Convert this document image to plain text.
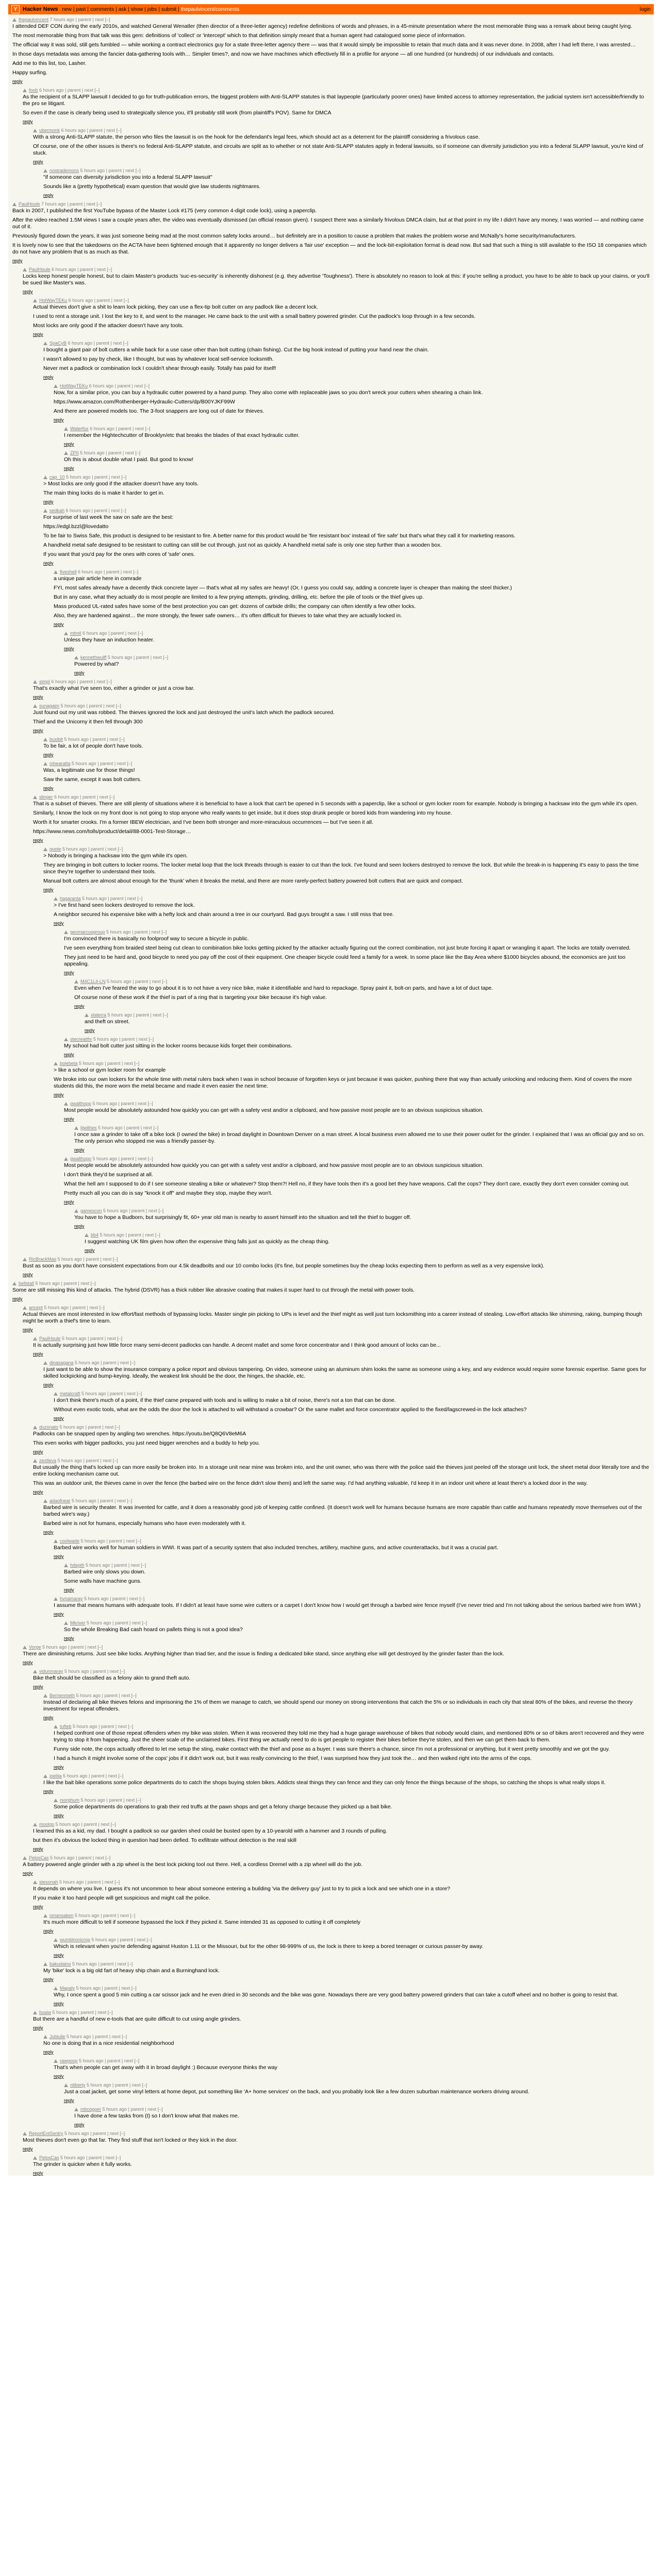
Y Hacker News new | past | comments | ask | show | jobs | submit | thepaulvincent/comments	login
thepaulvincent 7 hours ago | parent | next [–]

I attended DEF CON during the early 2010s, and watched General Wenatler (then director of a three-letter agency) redefine definitions of words and phrases, in a 45-minute presentation where the most memorable thing was a remark about being caught lying.

The most memorable thing from that talk was this gem: definitions of 'collect' or 'intercept' which to that definition simply meant that a human agent had catalogued some piece of information.

The official way it was sold, still gets fumbled — while working a contract electronics guy for a state three-letter agency there — was that it would simply be impossible to retain that much data and it was never done. In 2008, after I had left there, I was arrested…

In those days metadata was among the fancier data-gathering tools with… Simpler times?, and now we have machines which effectively fill in a profile for anyone — all one hundred (or hundreds) of our individuals and contacts.

Add me to this list, too, Lasher.

Happy surfing.

reply
foob 6 hours ago | parent | next [–]

As the recipient of a SLAPP lawsuit I decided to go for truth-publication errors, the biggest problem with Anti-SLAPP statutes is that laypeople (particularly poorer ones) have limited access to attorney representation, the judicial system isn't accessible/friendly to the pro se litigant.

So even if the case is clearly being used to strategically silence you, it'll probably still work (from plaintiff's POV). Same for DMCA

reply
ubermonk 6 hours ago | parent | next [–]

With a strong Anti-SLAPP statute, the person who files the lawsuit is on the hook for the defendant's legal fees, which should act as a deterrent for the plaintiff considering a frivolous case.

Of course, one of the other issues is there's no federal Anti-SLAPP statute, and circuits are split as to whether or not state Anti-SLAPP statutes apply in federal lawsuits, so if someone can diversity jurisdiction you into a federal SLAPP lawsuit, you're kind of stuck.

reply
nostrademons 5 hours ago | parent | next [–]

"if someone can diversity jurisdiction you into a federal SLAPP lawsuit"

Sounds like a (pretty hypothetical) exam question that would give law students nightmares.

reply
PaulHoule 7 hours ago | parent | next [–]

Back in 2007, I published the first YouTube bypass of the Master Lock #175 (very common 4-digit code lock), using a paperclip.

After the video reached 1.5M views I saw a couple years after, the video was eventually dismissed (an official reason given). I suspect there was a similarly frivolous DMCA claim, but at that point in my life I didn't have any money, I was worried — and nothing came out of it.

Previously figured down the years, it was just someone being mad at the most common safety locks around… but definitely are in a position to cause a problem that makes the problem worse and McNally's home security/manufacturers.

It is lovely now to see that the takedowns on the ACTA have been tightened enough that it apparently no longer delivers a 'fair use' exception — and the lock-bit-exploitation format is dead now. But sad that such a thing is still available to the ISO 18 companies which do not have any problem that is as much as that.

reply
PaulHoule 6 hours ago | parent | next [–]

Locks keep honest people honest, but to claim Master's products 'suc-es-security' is inherently dishonest (e.g. they advertise 'Toughness'). There is absolutely no reason to look at this: if you're selling a product, you have to be able to back up your claims, or you'll be sued like Master's was.

reply
HotWayTEKu 6 hours ago | parent | next [–]

Actual thieves don't give a shit to learn lock picking, they can use a flex-tip bolt cutter on any padlock like a decent lock.

I used to rent a storage unit. I lost the key to it, and went to the manager. He came back to the unit with a small battery powered grinder. Cut the padlock's loop through in a few seconds.

Most locks are only good if the attacker doesn't have any tools.

reply
SpaCyB 6 hours ago | parent | next [–]

I bought a giant pair of bolt cutters a while back for a use case other than bolt cutting (chain fishing). Cut the big hook instead of putting your hand near the chain.

I wasn't allowed to pay by check, like I thought, but was by whatever local self-service locksmith.

Never met a padlock or combination lock I couldn't shear through easily. Totally has paid for itself!

reply
HotWayTEKu 6 hours ago | parent | next [–]

Now, for a similar price, you can buy a hydraulic cutter powered by a hand pump. They also come with replaceable jaws so you don't wreck your cutters when shearing a chain link.

https://www.amazon.com/Rothenberger-Hydraulic-Cutters/dp/B00YJKF99W

And there are powered models too. The 3-foot snappers are long out of date for thieves.

reply
Waterfox 6 hours ago | parent | next [–]

I remember the Hightechcutter of Brooklyn/etc that breaks the blades of that exact hydraulic cutter.

reply
ZPII 5 hours ago | parent | next [–]

Oh this is about double what I paid. But good to know!

reply
cap_10 5 hours ago | parent | next [–]

> Most locks are only good if the attacker doesn't have any tools.

The main thing locks do is make it harder to get in.

reply
sedkah 6 hours ago | parent | next [–]

For surprise of last week the saw on safe are the best:

https://edgl.bzzl@lovedatto

To be fair to Swiss Safe, this product is designed to be resistant to fire. A better name for this product would be 'fire resistant box' instead of 'fire safe' but that's what they call it for marketing reasons.

A handheld metal safe designed to be resistant to cutting can still be cut through, just not as quickly. A handheld metal safe is only one step further than a wooden box.

If you want that you'd pay for the ones with cores of 'safe' ones.

reply
fiveshell 6 hours ago | parent | next [–]

a unique pair article here in comrade

FYI, most safes already have a decently thick concrete layer — that's what all my safes are heavy! (Or, I guess you could say, adding a concrete layer is cheaper than making the steel thicker.)

But in any case, what they actually do is most people are limited to a few prying attempts, grinding, drilling, etc. before the pile of tools or the thief gives up.

Mass produced UL-rated safes have some of the best protection you can get: dozens of carbide drills; the company can often identify a few other locks.

Also, they are hardened against… the more strongly, the fewer safe owners… it's often difficult for thieves to take what they are actually locked in.

reply
mtmil 6 hours ago | parent | next [–]

Unless they have an induction heater.

reply
kennethwulff 5 hours ago | parent | next [–]

Powered by what?

reply
simpl 6 hours ago | parent | next [–]

That's exactly what I've seen too, either a grinder or just a crow bar.

reply
sunagaim 5 hours ago | parent | next [–]

Just found out my unit was robbed. The thieves ignored the lock and just destroyed the unit's latch which the padlock secured.

Thief and the Unicorny it then fell through 300

reply
buxibit 5 hours ago | parent | next [–]

To be fair, a lot of people don't have tools.

reply
mhearatta 5 hours ago | parent | next [–]

Was, a legitimate use for those things!

Saw the same, except it was bolt cutters.

reply
slinger 6 hours ago | parent | next [–]

That is a subset of thieves. There are still plenty of situations where it is beneficial to have a lock that can't be opened in 5 seconds with a paperclip, like a school or gym locker room for example. Nobody is bringing a hacksaw into the gym while it's open.

Similarly, I know the lock on my front door is not going to stop anyone who really wants to get inside, but it does stop drunk people or bored kids from wandering into my house.

Worth it for smarter crooks. I'm a former IBEW electrician, and I've been both stronger and more-miraculous occurrences — but I've seen it all.

https://www.news.com/tolls/product/detail/88-0001-Test-Storage…

reply
quote 5 hours ago | parent | next [–]

> Nobody is bringing a hacksaw into the gym while it's open.

They are bringing in bolt cutters to locker rooms. The locker metal loop that the lock threads through is easier to cut than the lock. I've found and seen lockers destroyed to remove the lock. But while the break-in is happening it's easy to pass the time since they're together to understand their tools.

Manual bolt cutters are almost about enough for the 'thunk' when it breaks the metal, and there are more rarely-perfect battery powered bolt cutters that are quick and compact.

reply
hagaranta 5 hours ago | parent | next [–]

> I've first hand seen lockers destroyed to remove the lock.

A neighbor secured his expensive bike with a hefty lock and chain around a tree in our courtyard. Bad guys brought a saw. I still miss that tree.

reply
geomarcusgroup 5 hours ago | parent | next [–]

I'm convinced there is basically no foolproof way to secure a bicycle in public.

I've seen everything from braided steel being cut clean to combination bike locks getting picked by the attacker actually figuring out the correct combination, not just brute forcing it apart or wrangling it apart. The locks are totally overrated.

They just need to be hard and, good bicycle to need you pay off the cost of their equipment. One cheaper bicycle could feed a family for a week. In some place like the Bay Area where $1000 bicycles abound, the economics are just too appealing.

reply
M4C1L4-LN 5 hours ago | parent | next [–]

Even when I've feared the way to go about it is to not have a very nice bike, make it identifiable and hard to repackage. Spray paint it, bolt-on parts, and have a lot of duct tape.

Of course none of these work if the thief is part of a ring that is targeting your bike because it's high value.

reply
xlaterra 5 hours ago | parent | next [–]

and theft on street.

reply
stecreatthr 5 hours ago | parent | next [–]

My school had bolt cutter just sitting in the locker rooms because kids forget their combinations.

reply
bolebeta 5 hours ago | parent | next [–]

> like a school or gym locker room for example

We broke into our own lockers for the whole time with metal rulers back when I was in school because of forgotten keys or just because it was quicker, pushing there that way than actually unlocking and reducing them. Kind of covers the more students did this, the more worn the metal became and made it even easier the next time.

reply
gwalthopp 5 hours ago | parent | next [–]

Most people would be absolutely astounded how quickly you can get with a safety vest and/or a clipboard, and how passive most people are to an obvious suspicious situation.

reply
lijwithes 5 hours ago | parent | next [–]

I once saw a grinder to take off a bike lock (I owned the bike) in broad daylight in Downtown Denver on a man street. A local business even allowed me to use their power outlet for the grinder. I explained that I was an official guy and so on. The only person who stopped me was a friendly passer-by.

reply
gwalthopp 5 hours ago | parent | next [–]

Most people would be absolutely astounded how quickly you can get with a safety vest and/or a clipboard, and how passive most people are to an obvious suspicious situation.

I don't think they'd be surprised at all.

What the hell am I supposed to do if I see someone stealing a bike or whatever? Stop them?! Hell no, if they have tools then it's a good bet they have weapons. Call the cops? They don't care, exactly they don't even consider coming out.

Pretty much all you can do is say "knock it off" and maybe they stop, maybe they won't.

reply
gamescon 5 hours ago | parent | next [–]

You have to hope a Budborn, but surprisingly fit, 60+ year old man is nearby to assert himself into the situation and tell the thief to bugger off.

reply
bb4 5 hours ago | parent | next [–]

I suggest watching UK film given how often the expensive thing falls just as quickly as the cheap thing.

reply
RicBrackMas 5 hours ago | parent | next [–]

Bust as soon as you don't have consistent expectations from our 4.5k deadbolts and our 10 combo locks (it's fine, but people sometimes buy the cheap locks expecting them to perform as well as a very expensive lock).

reply
bellstall 5 hours ago | parent | next [–]

Some are still missing this kind of attacks. The hybrid (DSVR) has a thick rubber like abrasive coating that makes it super hard to cut through the metal with power tools.

reply
ancept 5 hours ago | parent | next [–]

Actual thieves are most interested in low effort/fast methods of bypassing locks. Master single pin picking to UPs is level and the thief might as well just turn locksmithing into a career instead of stealing. Low-effort attacks like shimming, raking, bumping though might be worth a thief's time to learn.

reply
PaulHoule 5 hours ago | parent | next [–]

It is actually surprising just how little force many semi-decent padlocks can handle. A decent mallet and some force concentrator and I think good amount of locks can be...

reply
dinasagana 5 hours ago | parent | next [–]

I just want to be able to show the insurance company a police report and obvious tampering. On video, someone using an aluminum shim looks the same as someone using a key, and any evidence would require some forensic expertise. Same goes for skilled lockpicking and bump-keying. Ideally, the weakest link should be the door, the hinges, the shackle, etc.

reply
metalcraft 5 hours ago | parent | next [–]

I don't think there's much of a point, if the thief came prepared with tools and is willing to make a bit of noise, there's not a ton that can be done.

Without even exotic tools, what are the odds the door the lock is attached to will withstand a crowbar? Or the same mallet and force concentrator applied to the fixed/lagscrewed-in the lock attaches?

reply
duzonato 5 hours ago | parent | next [–]

Padlocks can be snapped open by angling two wrenches. https://youtu.be/Q8Q6V8eM6A

This even works with bigger padlocks, you just need bigger wrenches and a buddy to help you.

reply
zestleva 5 hours ago | parent | next [–]

But usually the thing that's locked up can more easily be broken into. In a storage unit near mine was broken into, and the unit owner, who was there with the police said the thieves just peeled off the storage unit lock, the sheet metal door literally tore and the entire locking mechanism came out.

This was an outdoor unit, the thieves came in over the fence (the barbed wire on the fence didn't slow them) and left the same way. I'd had anything valuable, I'd keep it in an indoor unit where at least there's a locked door in the way.

reply
adaofnear 5 hours ago | parent | next [–]

Barbed wire is security theater. It was invented for cattle, and it does a reasonably good job of keeping cattle confined. (It doesn't work well for humans because humans are more capable than cattle and humans repeatedly move themselves out of the barbed wire's way.)

Barbed wire is not for humans, especially humans who have even moderately with it.

reply
coolwade 5 hours ago | parent | next [–]

Barbed wire works well for human soldiers in WWI. It was part of a security system that also included trenches, artillery, machine guns, and active counterattacks, but it was a crucial part.

reply
hdepth 5 hours ago | parent | next [–]

Barbed wire only slows you down.

Some walls have machine guns.

reply
hvnamaray 5 hours ago | parent | next [–]

I assume that means humans with adequate tools. If I didn't at least have some wire cutters or a carpet I don't know how I would get through a barbed wire fence myself (I've never tried and I'm not talking about the serious barbed wire from WWI.)

reply
Mkriver 5 hours ago | parent | next [–]

So the whole Breaking Bad cash hoard on pallets thing is not a good idea?

reply
Vorge 5 hours ago | parent | next [–]

There are diminishing returns. Just see bike locks. Anything higher than triad tier, and the issue is finding a dedicated bike stand, since anything else will get destroyed by the grinder faster than the lock.

reply
vidunmaray 5 hours ago | parent | next [–]

Bike theft should be classified as a felony akin to grand theft auto.

reply
Berrienmeth 5 hours ago | parent | next [–]

Instead of declaring all bike thieves felons and imprisoning the 1% of them we manage to catch, we should spend our money on strong interventions that catch the 5% or so individuals in each city that steal 80% of the bikes, and reverse the theory investment for repeat offenders.

reply
tufteb 5 hours ago | parent | next [–]

I helped confront one of those repeat offenders when my bike was stolen. When it was recovered they told me they had a huge garage warehouse of bikes that nobody would claim, and mentioned 80% or so of bikes aren't recovered and they were trying to stop it from happening. Just the sheer scale of the unclaimed bikes. First thing we actually need to do is get people to register their bikes before they're stolen, and then we can get them back to them.

Funny side note, the cops actually offered to let me setup the sting, make contact with the thief and pose as a buyer. I was sure there's a chance, since I'm not a professional or anything, but it went pretty smoothly and we got the guy.

I had a hunch it might involve some of the cops' jobs if it didn't work out, but it was really convincing to the thief, I was surprised how they just took the… and then walked right into the arms of the cops.

reply
joelita 5 hours ago | parent | next [–]

I like the bait bike operations some police departments do to catch the shops buying stolen bikes. Addicts steal things they can fence and they can only fence the things because of the shops, so catching the shops is what really stops it.

reply
rsorghum 5 hours ago | parent | next [–]

Some police departments do operations to grab their red truffs at the pawn shops and get a felony charge because they picked up a bait bike.

reply
moolgs 5 hours ago | parent | next [–]

I learned this as a kid, my dad. I bought a padlock so our garden shed could be busted open by a 10-yearold with a hammer and 3 rounds of pulling.

but then it's obvious the locked thing in question had been defied. To exfiltrate without detection is the real skill

reply
PelosCas 5 hours ago | parent | next [–]

A battery powered angle grinder with a zip wheel is the best lock picking tool out there. Hell, a cordless Dremel with a zip wheel will do the job.

reply
stesonah 5 hours ago | parent | next [–]

It depends on where you live. I guess it's not uncommon to hear about someone entering a building 'via the delivery guy' just to try to pick a lock and see which one in a store?

If you make it too hard people will get suspicious and might call the police.

reply
nmansaken 5 hours ago | parent | next [–]

It's much more difficult to tell if someone bypassed the lock if they picked it. Same intended 31 as opposed to cutting it off completely

reply
wumbtronicrop 5 hours ago | parent | next [–]

Which is relevant when you're defending against Huston 1.11 or the Missouri, but for the other 98-999% of us, the lock is there to keep a bored teenager or curious passer-by away.

reply
bakudaino 5 hours ago | parent | next [–]

My 'bike' lock is a big old fart of heavy ship chain and a Burninghand lock.

reply
Mapaly 5 hours ago | parent | next [–]

Why, I once spent a good 5 min cutting a car scissor jack and he even dried in 30 seconds and the bike was gone. Nowadays there are very good battery powered grinders that can take a cutoff wheel and no bother is going to resist that.

reply
bxaiw 5 hours ago | parent | next [–]

But there are a handful of new e-tools that are quite difficult to cut using angle grinders.

reply
Jubiulie 5 hours ago | parent | next [–]

No one is doing that in a nice residential neighborhood

reply
rawpoop 5 hours ago | parent | next [–]

That's when people can get away with it in broad daylight :) Because everyone thinks the way

reply
ntiberty 5 hours ago | parent | next [–]

Just a coat jacket, get some vinyl letters at home depot, put something like 'A+ home services' on the back, and you probably look like a few dozen suburban maintenance workers driving around.

reply
mbcopper 5 hours ago | parent | next [–]

I have done a few tasks from (I) so I don't know what that makes me.

reply
ReportEntSentry 5 hours ago | parent | next [–]

Most thieves don't even go that far. They find stuff that isn't locked or they kick in the door.

reply
PelosCas 5 hours ago | parent | next [–]

The grinder is quicker when it fully works.

reply
